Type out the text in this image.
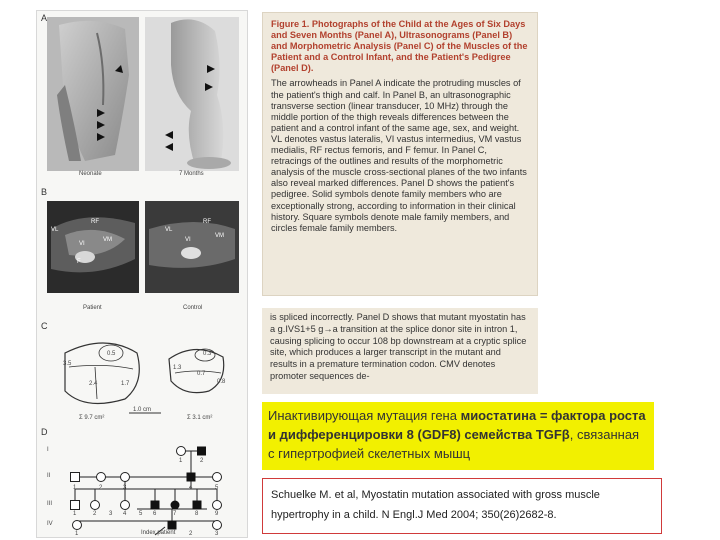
A
Neonate	7 Months
B
VL
RF
VI
VM
F
VL
RF
VI
VM
Patient	Control
C
3.5
0.5
2.4	1.7
1.3
0.3
0.7
0.8
1.0 cm
Σ 9.7 cm²	Σ 3.1 cm²
D
I
II
III
IV
1	2
1	2	3	4	5
1	2 3 4 5 6	7	8	9
1	2	3
Index patient
Figure 1. Photographs of the Child at the Ages of Six Days and Seven Months (Panel A), Ultrasonograms (Panel B) and Morphometric Analysis (Panel C) of the Muscles of the Patient and a Control Infant, and the Patient's Pedigree (Panel D).
The arrowheads in Panel A indicate the protruding muscles of the patient's thigh and calf. In Panel B, an ultrasonographic transverse section (linear transducer, 10 MHz) through the middle portion of the thigh reveals differences between the patient and a control infant of the same age, sex, and weight. VL denotes vastus lateralis, VI vastus intermedius, VM vastus medialis, RF rectus femoris, and F femur. In Panel C, retracings of the outlines and results of the morphometric analysis of the muscle cross-sectional planes of the two infants also reveal marked differences. Panel D shows the patient's pedigree. Solid symbols denote family members who are exceptionally strong, according to information in their clinical history. Square symbols denote male family members, and circles female family members.
is spliced incorrectly. Panel D shows that mutant myostatin has a g.IVS1+5 g→a transition at the splice donor site in intron 1, causing splicing to occur 108 bp downstream at a cryptic splice site, which produces a larger transcript in the mutant and results in a premature termination codon. CMV denotes promoter sequences de-
Инактивирующая мутация гена миостатина = фактора роста и дифференцировки 8 (GDF8) семейства TGFβ, связанная с гипертрофией скелетных мышц
Schuelke M. et al, Myostatin mutation associated with gross muscle hypertrophy in a child. N Engl.J Med 2004; 350(26)2682-8.
